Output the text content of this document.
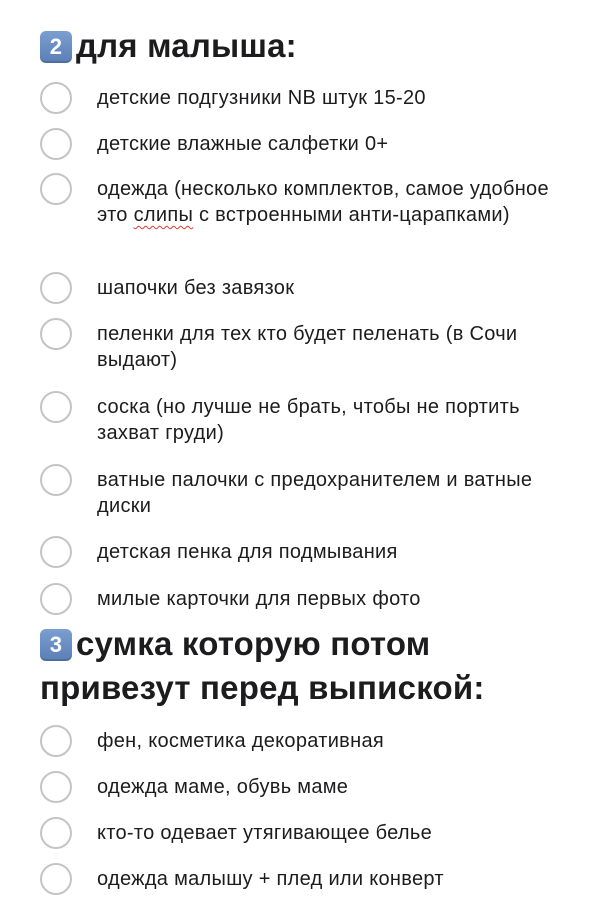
2 для малыша:
детские подгузники NB штук 15-20
детские влажные салфетки 0+
одежда (несколько комплектов, самое удобное это слипы с встроенными анти-царапками)
шапочки без завязок
пеленки для тех кто будет пеленать (в Сочи выдают)
соска (но лучше не брать, чтобы не портить захват груди)
ватные палочки с предохранителем и ватные диски
детская пенка для подмывания
милые карточки для первых фото
3 сумка которую потом
привезут перед выпиской:
фен, косметика декоративная
одежда маме, обувь маме
кто-то одевает утягивающее белье
одежда малышу + плед или конверт
